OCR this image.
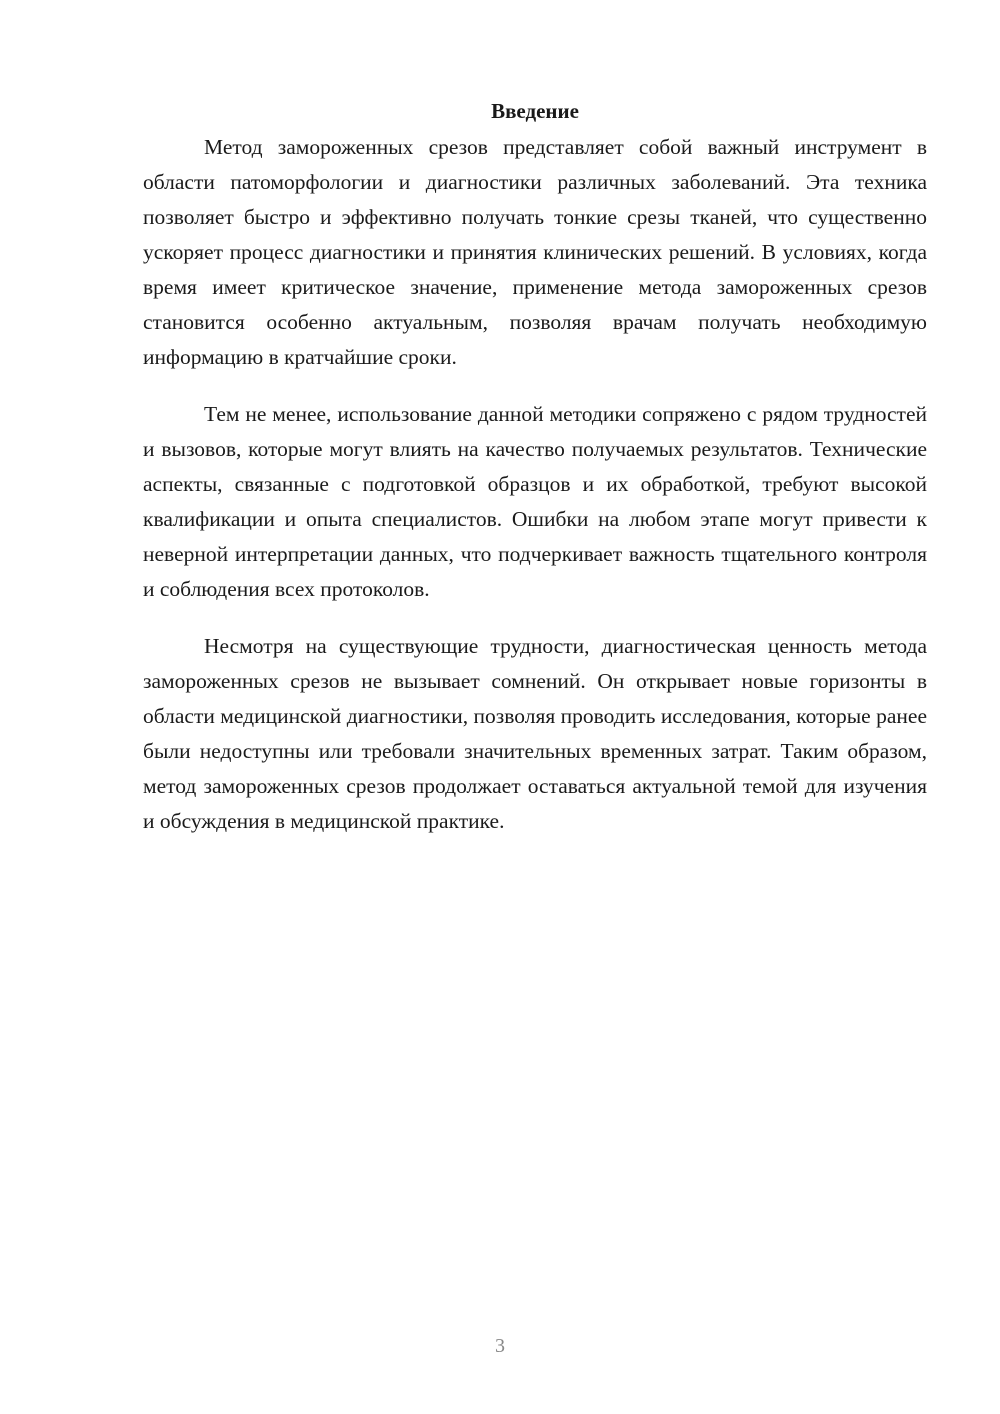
Введение

Метод замороженных срезов представляет собой важный инструмент в области патоморфологии и диагностики различных заболеваний. Эта техника позволяет быстро и эффективно получать тонкие срезы тканей, что существенно ускоряет процесс диагностики и принятия клинических решений. В условиях, когда время имеет критическое значение, применение метода замороженных срезов становится особенно актуальным, позволяя врачам получать необходимую информацию в кратчайшие сроки.

Тем не менее, использование данной методики сопряжено с рядом трудностей и вызовов, которые могут влиять на качество получаемых результатов. Технические аспекты, связанные с подготовкой образцов и их обработкой, требуют высокой квалификации и опыта специалистов. Ошибки на любом этапе могут привести к неверной интерпретации данных, что подчеркивает важность тщательного контроля и соблюдения всех протоколов.

Несмотря на существующие трудности, диагностическая ценность метода замороженных срезов не вызывает сомнений. Он открывает новые горизонты в области медицинской диагностики, позволяя проводить исследования, которые ранее были недоступны или требовали значительных временных затрат. Таким образом, метод замороженных срезов продолжает оставаться актуальной темой для изучения и обсуждения в медицинской практике.

3
